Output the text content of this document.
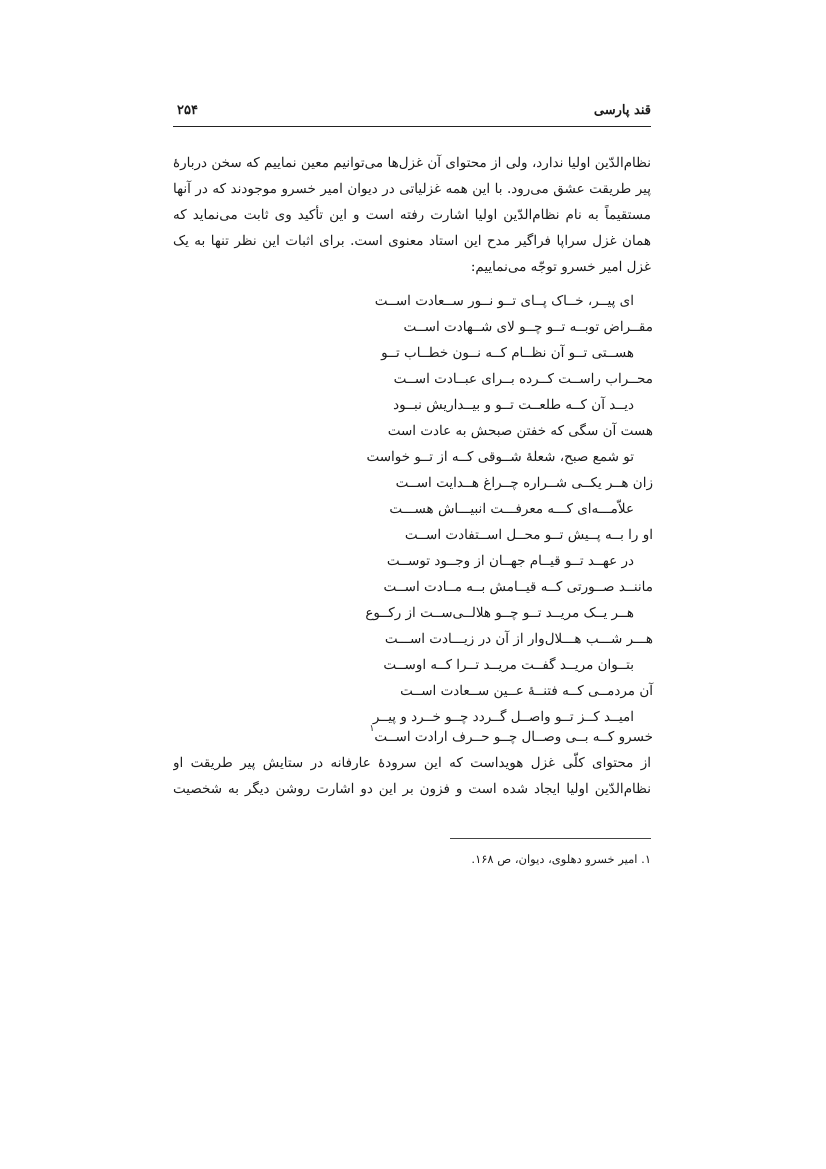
قند پارسی
۲۵۴

نظام‌الدّین اولیا ندارد، ولی از محتوای آن غزل‌ها می‌توانیم معین نماییم که سخن دربارۀ
پیر طریقت عشق می‌رود. با این همه غزلیاتی در دیوان امیر خسرو موجودند که در آنها
مستقیماً به نام نظام‌الدّین اولیا اشارت رفته است و این تأکید وی ثابت می‌نماید که
همان غزل سراپا فراگیر مدح این استاد معنوی است. برای اثبات این نظر تنها به یک
غزل امیر خسرو توجّه می‌نماییم:

ای پیــر، خــاک پــای تــو نــور ســعادت اســت
مقــراض توبــه تــو چــو لای شــهادت اســت
هســتی تــو آن نظــام کــه نــون خطــاب تــو
محــراب راســت کــرده بــرای عبــادت اســت
دیــد آن کــه طلعــت تــو و بیــداریش نبــود
هست آن سگی که خفتن صبحش به عادت است
تو شمع صبح، شعلۀ شــوقی کــه از تــو خواست
زان هــر یکــی شــراره چــراغ هــدایت اســت
علاّمـــه‌ای کـــه معرفـــت انبیـــاش هســـت
او را بــه پــیش تــو محــل اســتفادت اســت
در عهــد تــو قیــام جهــان از وجــود توســت
ماننــد صــورتی کــه قیــامش بــه مــادت اســت
هــر یــک مریــد تــو چــو هلالــی‌ســت از رکــوع
هـــر شـــب هـــلال‌وار از آن در زیـــادت اســـت
بتــوان مریــد گفــت مریــد تــرا کــه اوســت
آن مردمــی کــه فتنــۀ عــین ســعادت اســت
امیــد کــز تــو واصــل گــردد چــو خــرد و پیــر
خسرو کــه بــی وصــال چــو حــرف ارادت اســت$^۱$

از محتوای کلّی غزل هویداست که این سرودۀ عارفانه در ستایش پیر طریقت او
نظام‌الدّین اولیا ایجاد شده است و فزون بر این دو اشارت روشن دیگر به شخصیت

۱. امیر خسرو دهلوی، دیوان، ص ۱۶۸.
